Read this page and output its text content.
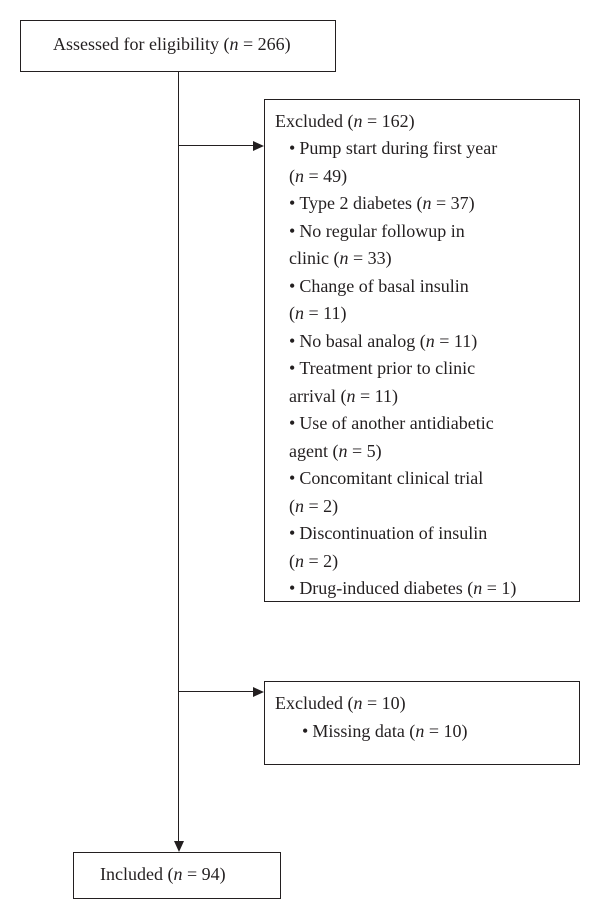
Assessed for eligibility (n = 266)
Excluded (n = 162)
• Pump start during first year
(n = 49)
• Type 2 diabetes (n = 37)
• No regular followup in
clinic (n = 33)
• Change of basal insulin
(n = 11)
• No basal analog (n = 11)
• Treatment prior to clinic
arrival (n = 11)
• Use of another antidiabetic
agent (n = 5)
• Concomitant clinical trial
(n = 2)
• Discontinuation of insulin
(n = 2)
• Drug-induced diabetes (n = 1)
Excluded (n = 10)
• Missing data (n = 10)
Included (n = 94)
